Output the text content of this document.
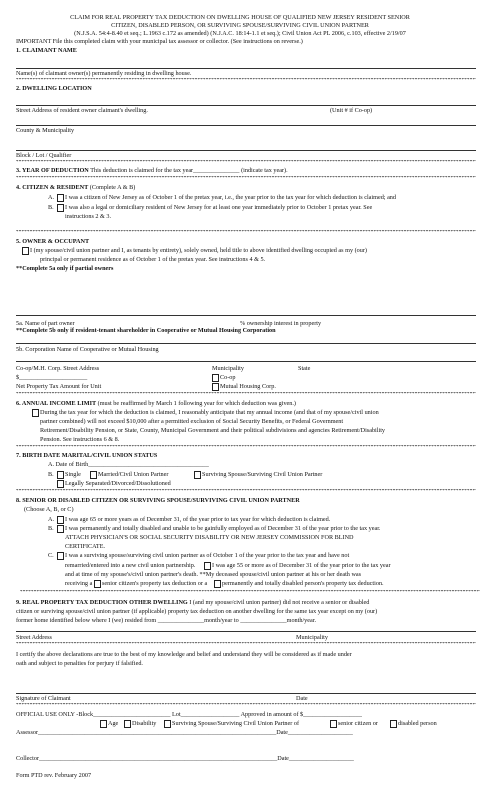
CLAIM FOR REAL PROPERTY TAX DEDUCTION ON DWELLING HOUSE OF QUALIFIED NEW JERSEY RESIDENT SENIOR
CITIZEN, DISABLED PERSON, OR SURVIVING SPOUSE/SURVIVING CIVIL UNION PARTNER
(N.J.S.A. 54:4-8.40 et seq.; L.1963 c.172 as amended) (N.J.A.C. 18:14-1.1 et seq.); Civil Union Act PL 2006, c.103, effective 2/19/07
IMPORTANT File this completed claim with your municipal tax assessor or collector. (See instructions on reverse.)
1. CLAIMANT NAME
Name(s) of claimant owner(s) permanently residing in dwelling house.
*****
2. DWELLING LOCATION
Street Address of resident owner claimant's dwelling.	(Unit # if Co-op)
County & Municipality
Block / Lot / Qualifier
*****
3. YEAR OF DEDUCTION This deduction is claimed for the tax year_______________ (indicate tax year).
*****
4. CITIZEN & RESIDENT (Complete A & B)
A. I was a citizen of New Jersey as of October 1 of the pretax year, i.e., the year prior to the tax year for which deduction is claimed; and
B. I was also a legal or domiciliary resident of New Jersey for at least one year immediately prior to October 1 pretax year. See
instructions 2 & 3.
*****
5. OWNER & OCCUPANT
I (my spouse/civil union partner and I, as tenants by entirety), solely owned, held title to above identified dwelling occupied as my (our)
principal or permanent residence as of October 1 of the pretax year. See instructions 4 & 5.
**Complete 5a only if partial owners
5a. Name of part owner	% ownership interest in property
**Complete 5b only if resident-tenant shareholder in Cooperative or Mutual Housing Corporation
5b. Corporation Name of Cooperative or Mutual Housing
Co-op/M.H. Corp. Street Address	Municipality	State
$______________________	Co-op
Net Property Tax Amount for Unit	Mutual Housing Corp.
*****
6. ANNUAL INCOME LIMIT (must be reaffirmed by March 1 following year for which deduction was given.)
During the tax year for which the deduction is claimed, I reasonably anticipate that my annual income (and that of my spouse/civil union
partner combined) will not exceed $10,000 after a permitted exclusion of Social Security Benefits, or Federal Government
Retirement/Disability Pension, or State, County, Municipal Government and their political subdivisions and agencies Retirement/Disability
Pension. See instructions 6 & 8.
*****
7. BIRTH DATE MARITAL/CIVIL UNION STATUS
A. Date of Birth_______________________________________
B. Single	Married/Civil Union Partner	Surviving Spouse/Surviving Civil Union Partner
Legally Separated/Divorced/Dissolutioned
*****
8. SENIOR OR DISABLED CITIZEN OR SURVIVING SPOUSE/SURVIVING CIVIL UNION PARTNER
(Choose A, B, or C)
A. I was age 65 or more years as of December 31, of the year prior to tax year for which deduction is claimed.
B. I was permanently and totally disabled and unable to be gainfully employed as of December 31 of the year prior to the tax year.
ATTACH PHYSICIAN'S OR SOCIAL SECURITY DISABILITY OR NEW JERSEY COMMISSION FOR BLIND
CERTIFICATE.
C. I was a surviving spouse/surviving civil union partner as of October 1 of the year prior to the tax year and have not
remarried/entered into a new civil union partnership.	I was age 55 or more as of December 31 of the year prior to the tax year
and at time of my spouse's/civil union partner's death. **My deceased spouse/civil union partner at his or her death was
receiving a senior citizen's property tax deduction or a permanently and totally disabled person's property tax deduction.
*****
9. REAL PROPERTY TAX DEDUCTION OTHER DWELLING I (and my spouse/civil union partner) did not receive a senior or disabled
citizen or surviving spouse/civil union partner (if applicable) property tax deduction on another dwelling for the same tax year except on my (our)
former home identified below where I (we) resided from _______________month/year to _______________month/year.
Street Address	Municipality
*****
I certify the above declarations are true to the best of my knowledge and belief and understand they will be considered as if made under
oath and subject to penalties for perjury if falsified.
Signature of Claimant	Date
*****
OFFICIAL USE ONLY -Block_________________________ Lot___________________ Approved in amount of $___________________
Age Disability	Surviving Spouse/Surviving Civil Union Partner of	senior citizen or	disabled person
Assessor_____________________________________________________________________________Date_____________________
Collector_____________________________________________________________________________Date_____________________
Form PTD rev. February 2007
